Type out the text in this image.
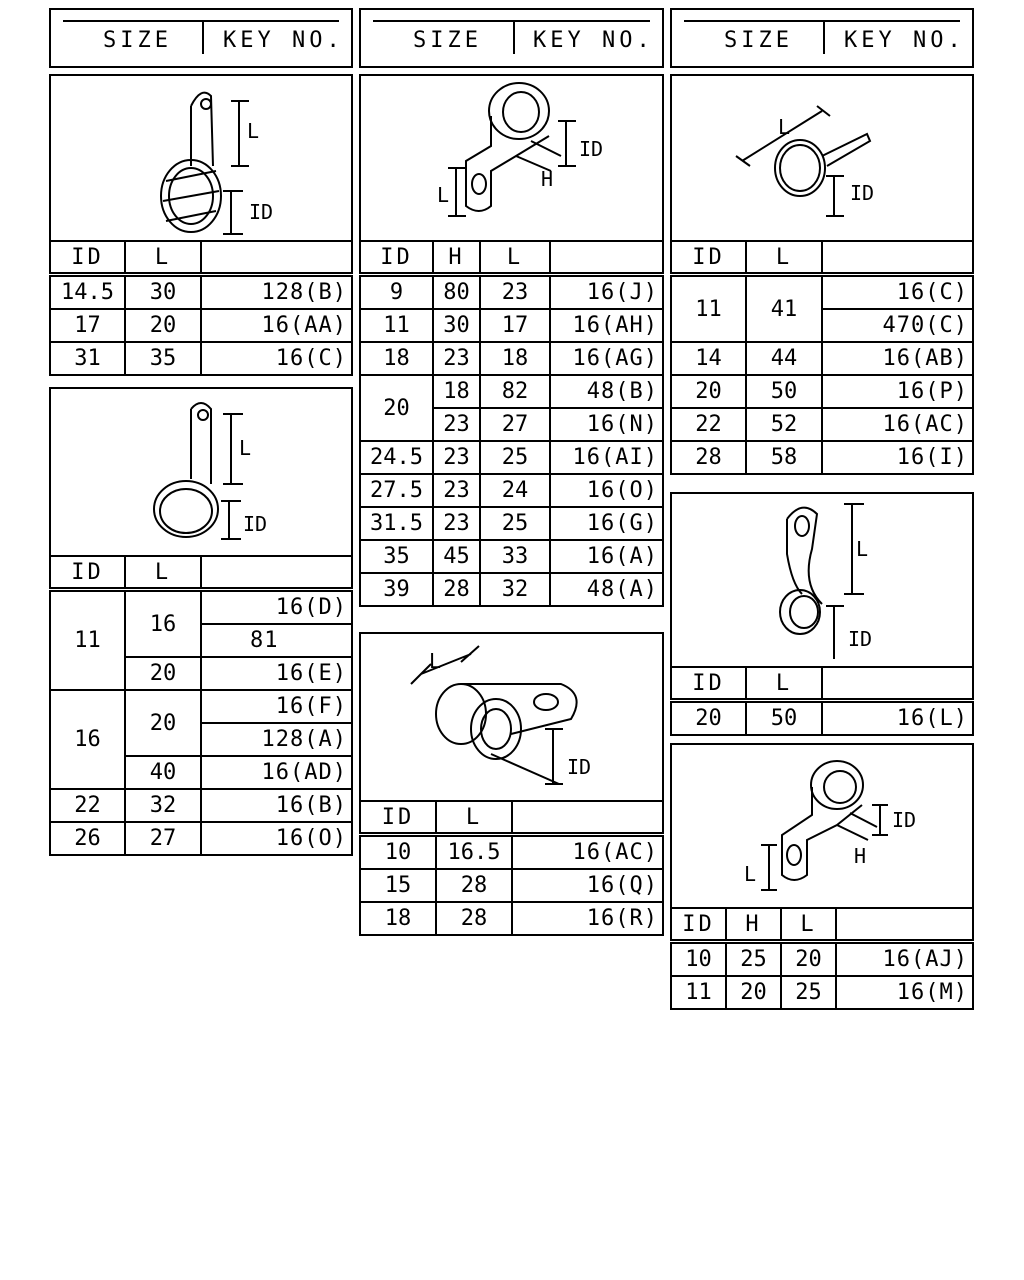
SIZE KEY NO.	SIZE KEY NO.	SIZE KEY NO.
L
ID
ID	L	
14.5	30	128(B)
17	20	16(AA)
31	35	16(C)
L
ID
ID	L	
11	16	16(D)
		81
	20	16(E)
16	20	16(F)
		128(A)
	40	16(AD)
22	32	16(B)
26	27	16(O)
ID
H
L
ID	H	L	
9	80	23	16(J)
11	30	17	16(AH)
18	23	18	16(AG)
20	18	82	48(B)
	23	27	16(N)
24.5	23	25	16(AI)
27.5	23	24	16(O)
31.5	23	25	16(G)
35	45	33	16(A)
39	28	32	48(A)
L
ID
ID	L	
10	16.5	16(AC)
15	28	16(Q)
18	28	16(R)
L
ID
ID	L	
11	41	16(C)
		470(C)
14	44	16(AB)
20	50	16(P)
22	52	16(AC)
28	58	16(I)
L
ID
ID	L	
20	50	16(L)
ID
H
L
ID	H	L	
10	25	20	16(AJ)
11	20	25	16(M)
